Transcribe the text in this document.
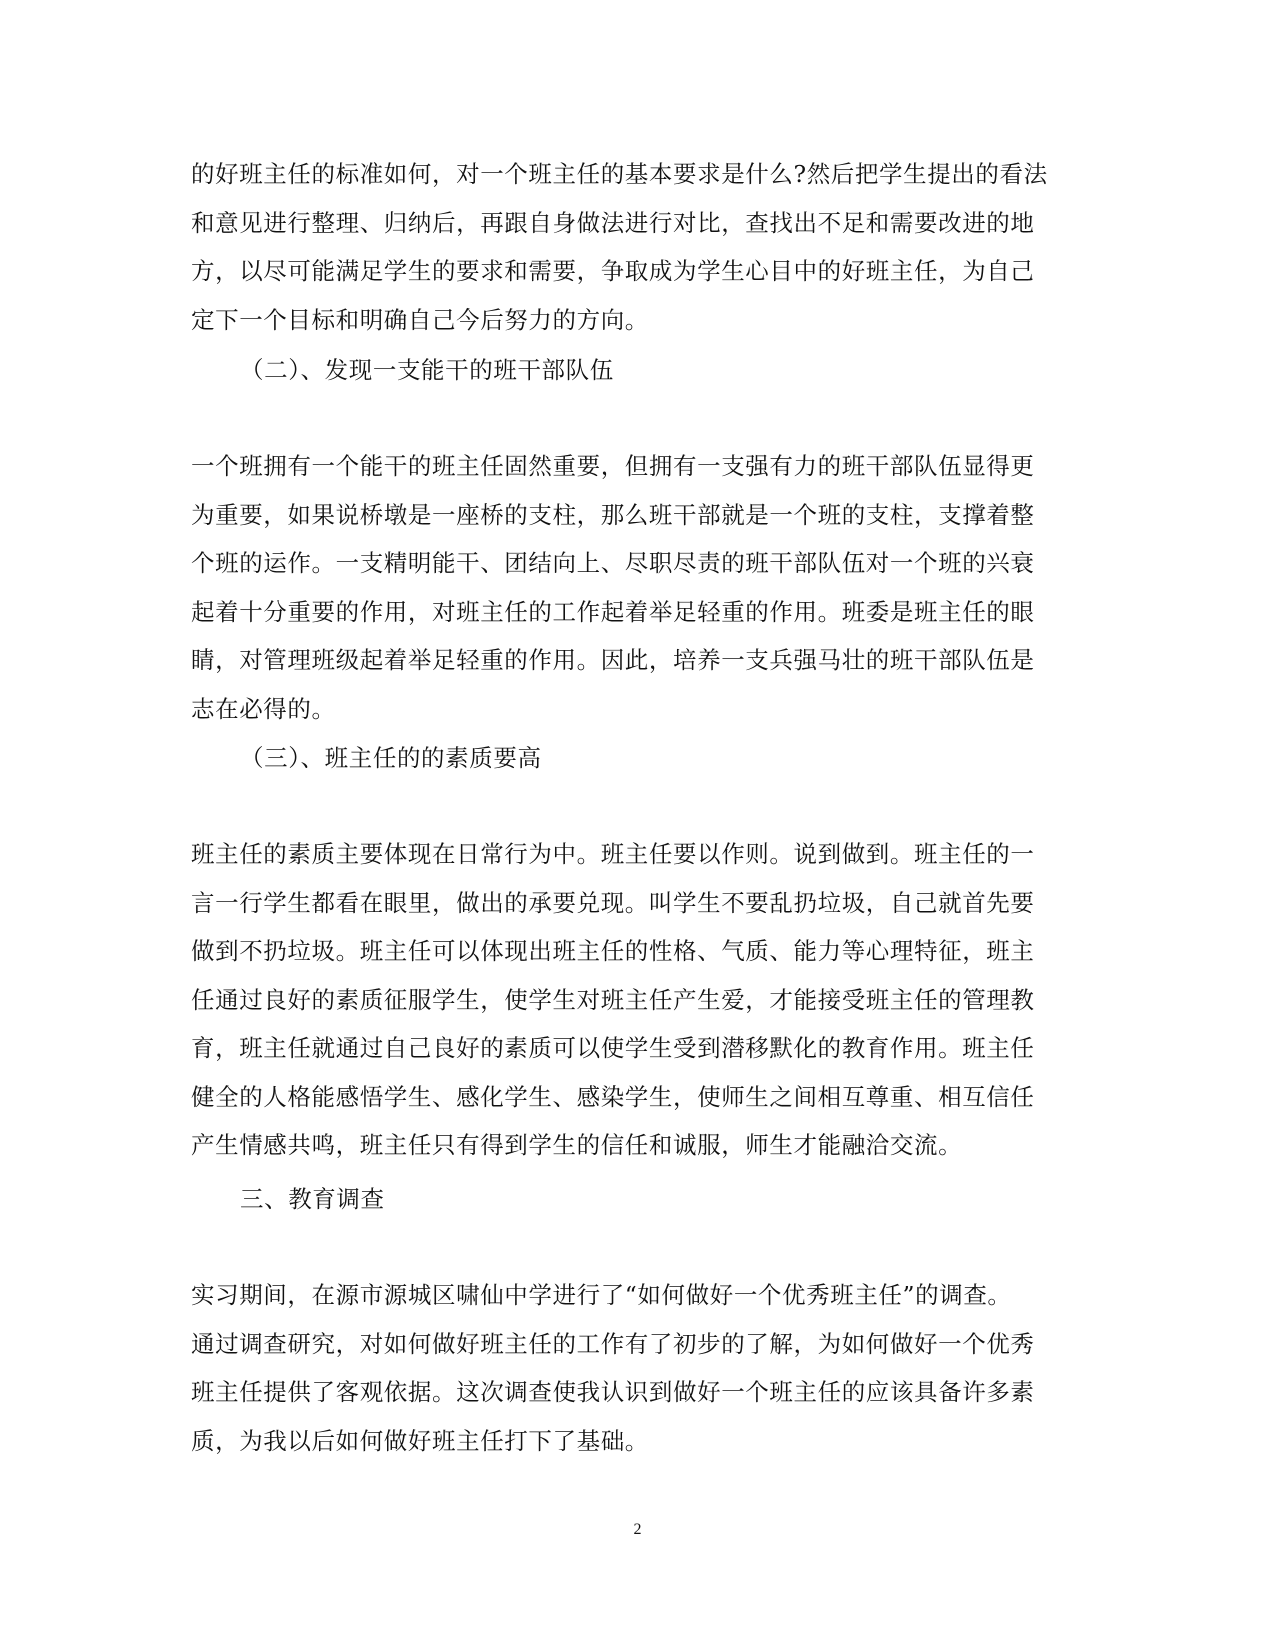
的好班主任的标准如何，对一个班主任的基本要求是什么?然后把学生提出的看法
和意见进行整理、归纳后，再跟自身做法进行对比，查找出不足和需要改进的地
方，以尽可能满足学生的要求和需要，争取成为学生心目中的好班主任，为自己
定下一个目标和明确自己今后努力的方向。
（二）、发现一支能干的班干部队伍
一个班拥有一个能干的班主任固然重要，但拥有一支强有力的班干部队伍显得更
为重要，如果说桥墩是一座桥的支柱，那么班干部就是一个班的支柱，支撑着整
个班的运作。一支精明能干、团结向上、尽职尽责的班干部队伍对一个班的兴衰
起着十分重要的作用，对班主任的工作起着举足轻重的作用。班委是班主任的眼
睛，对管理班级起着举足轻重的作用。因此，培养一支兵强马壮的班干部队伍是
志在必得的。
（三）、班主任的的素质要高
班主任的素质主要体现在日常行为中。班主任要以作则。说到做到。班主任的一
言一行学生都看在眼里，做出的承要兑现。叫学生不要乱扔垃圾，自己就首先要
做到不扔垃圾。班主任可以体现出班主任的性格、气质、能力等心理特征，班主
任通过良好的素质征服学生，使学生对班主任产生爱，才能接受班主任的管理教
育，班主任就通过自己良好的素质可以使学生受到潜移默化的教育作用。班主任
健全的人格能感悟学生、感化学生、感染学生，使师生之间相互尊重、相互信任
产生情感共鸣，班主任只有得到学生的信任和诚服，师生才能融洽交流。
三、教育调查
实习期间，在源市源城区啸仙中学进行了“如何做好一个优秀班主任”的调查。
通过调查研究，对如何做好班主任的工作有了初步的了解，为如何做好一个优秀
班主任提供了客观依据。这次调查使我认识到做好一个班主任的应该具备许多素
质，为我以后如何做好班主任打下了基础。
2
